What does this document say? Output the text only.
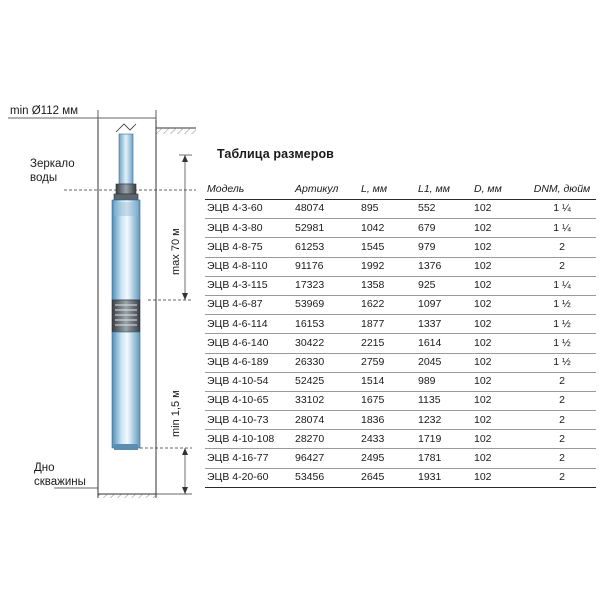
min Ø112 мм
Зеркало
воды
max 70 м
min 1,5 м
Дно
скважины
Таблица размеров
Модель	Артикул	L, мм	L1, мм	D, мм	DNM, дюйм
ЭЦВ 4-3-60	48074	895	552	102	1 ¼
ЭЦВ 4-3-80	52981	1042	679	102	1 ¼
ЭЦВ 4-8-75	61253	1545	979	102	2
ЭЦВ 4-8-110	91176	1992	1376	102	2
ЭЦВ 4-3-115	17323	1358	925	102	1 ¼
ЭЦВ 4-6-87	53969	1622	1097	102	1 ½
ЭЦВ 4-6-114	16153	1877	1337	102	1 ½
ЭЦВ 4-6-140	30422	2215	1614	102	1 ½
ЭЦВ 4-6-189	26330	2759	2045	102	1 ½
ЭЦВ 4-10-54	52425	1514	989	102	2
ЭЦВ 4-10-65	33102	1675	1135	102	2
ЭЦВ 4-10-73	28074	1836	1232	102	2
ЭЦВ 4-10-108	28270	2433	1719	102	2
ЭЦВ 4-16-77	96427	2495	1781	102	2
ЭЦВ 4-20-60	53456	2645	1931	102	2
